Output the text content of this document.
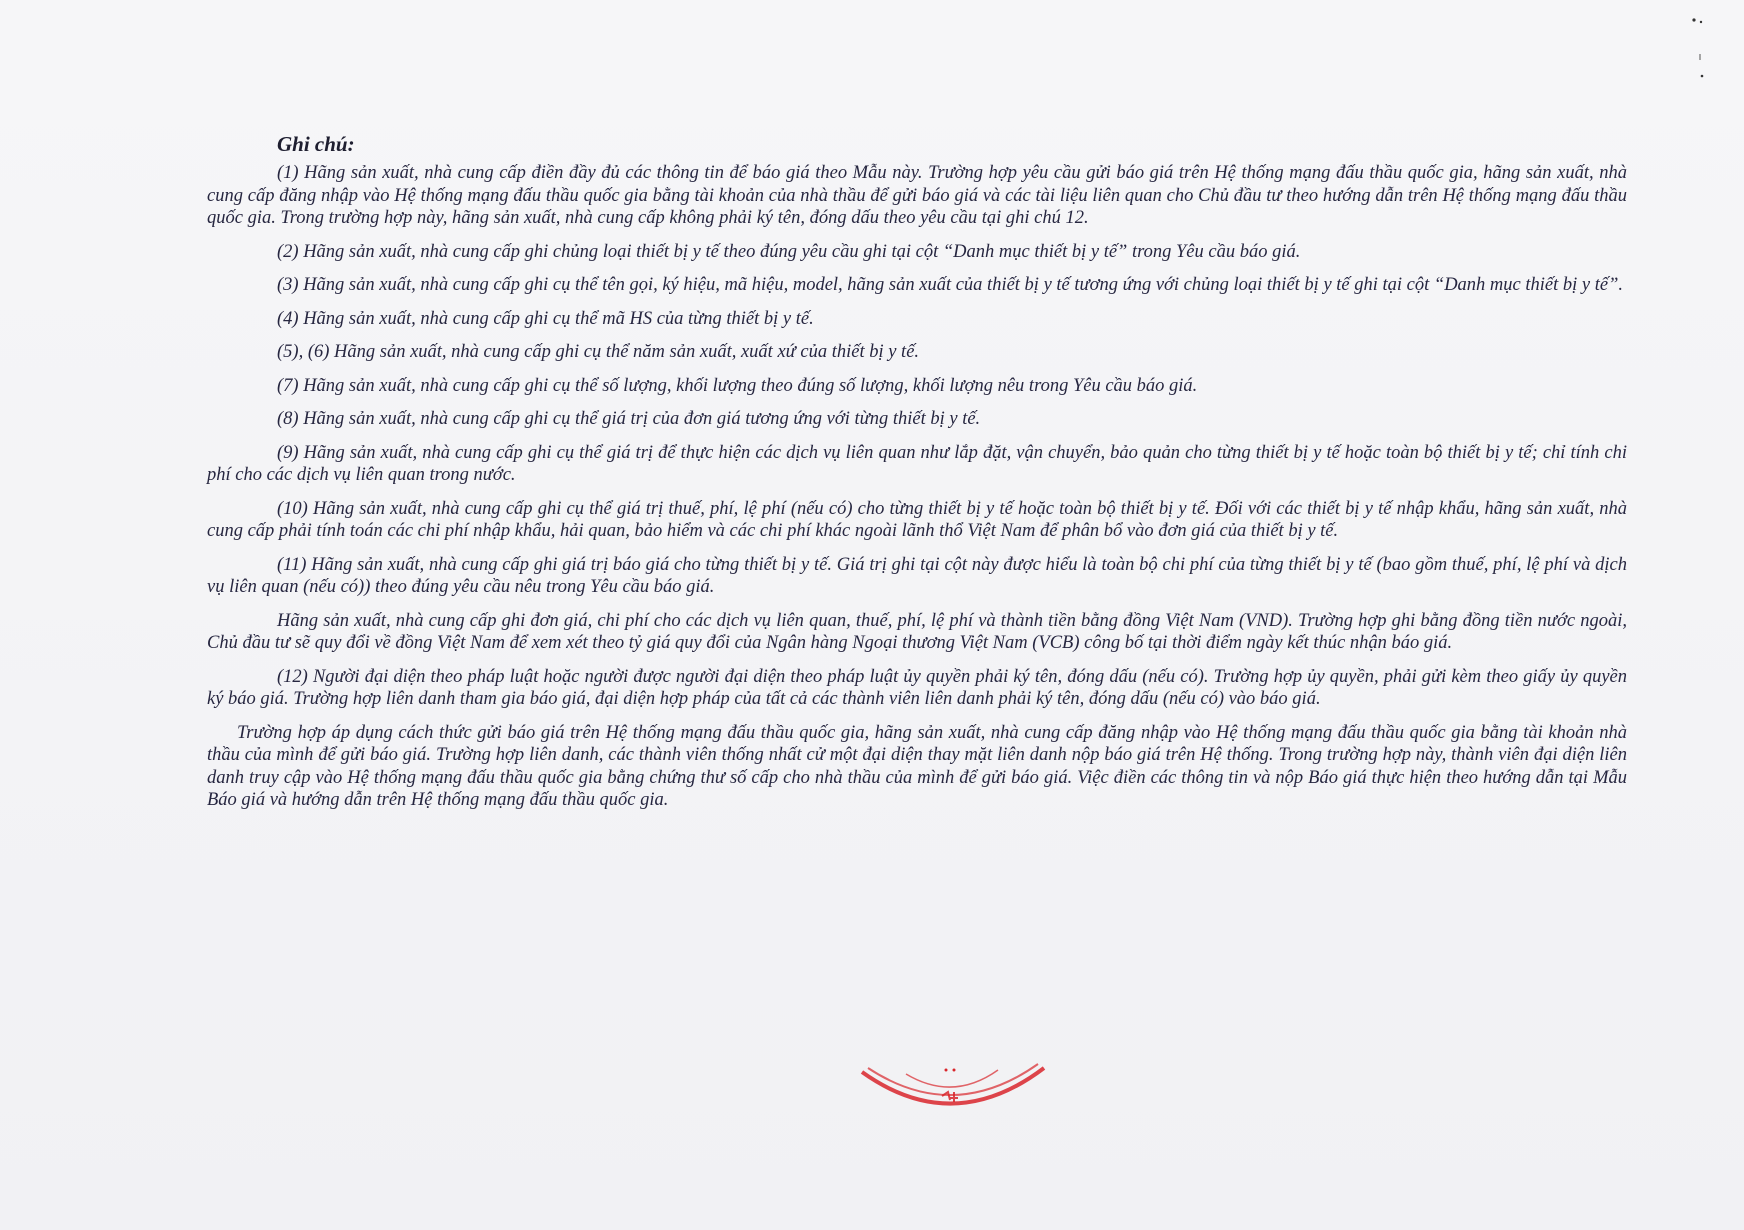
Ghi chú:

(1) Hãng sản xuất, nhà cung cấp điền đầy đủ các thông tin để báo giá theo Mẫu này. Trường hợp yêu cầu gửi báo giá trên Hệ thống mạng đấu thầu quốc gia, hãng sản xuất, nhà cung cấp đăng nhập vào Hệ thống mạng đấu thầu quốc gia bằng tài khoản của nhà thầu để gửi báo giá và các tài liệu liên quan cho Chủ đầu tư theo hướng dẫn trên Hệ thống mạng đấu thầu quốc gia. Trong trường hợp này, hãng sản xuất, nhà cung cấp không phải ký tên, đóng dấu theo yêu cầu tại ghi chú 12.

(2) Hãng sản xuất, nhà cung cấp ghi chủng loại thiết bị y tế theo đúng yêu cầu ghi tại cột “Danh mục thiết bị y tế” trong Yêu cầu báo giá.

(3) Hãng sản xuất, nhà cung cấp ghi cụ thể tên gọi, ký hiệu, mã hiệu, model, hãng sản xuất của thiết bị y tế tương ứng với chủng loại thiết bị y tế ghi tại cột “Danh mục thiết bị y tế”.

(4) Hãng sản xuất, nhà cung cấp ghi cụ thể mã HS của từng thiết bị y tế.

(5), (6) Hãng sản xuất, nhà cung cấp ghi cụ thể năm sản xuất, xuất xứ của thiết bị y tế.

(7) Hãng sản xuất, nhà cung cấp ghi cụ thể số lượng, khối lượng theo đúng số lượng, khối lượng nêu trong Yêu cầu báo giá.

(8) Hãng sản xuất, nhà cung cấp ghi cụ thể giá trị của đơn giá tương ứng với từng thiết bị y tế.

(9) Hãng sản xuất, nhà cung cấp ghi cụ thể giá trị để thực hiện các dịch vụ liên quan như lắp đặt, vận chuyển, bảo quản cho từng thiết bị y tế hoặc toàn bộ thiết bị y tế; chỉ tính chi phí cho các dịch vụ liên quan trong nước.

(10) Hãng sản xuất, nhà cung cấp ghi cụ thể giá trị thuế, phí, lệ phí (nếu có) cho từng thiết bị y tế hoặc toàn bộ thiết bị y tế. Đối với các thiết bị y tế nhập khẩu, hãng sản xuất, nhà cung cấp phải tính toán các chi phí nhập khẩu, hải quan, bảo hiểm và các chi phí khác ngoài lãnh thổ Việt Nam để phân bổ vào đơn giá của thiết bị y tế.

(11) Hãng sản xuất, nhà cung cấp ghi giá trị báo giá cho từng thiết bị y tế. Giá trị ghi tại cột này được hiểu là toàn bộ chi phí của từng thiết bị y tế (bao gồm thuế, phí, lệ phí và dịch vụ liên quan (nếu có)) theo đúng yêu cầu nêu trong Yêu cầu báo giá.

Hãng sản xuất, nhà cung cấp ghi đơn giá, chi phí cho các dịch vụ liên quan, thuế, phí, lệ phí và thành tiền bằng đồng Việt Nam (VND). Trường hợp ghi bằng đồng tiền nước ngoài, Chủ đầu tư sẽ quy đổi về đồng Việt Nam để xem xét theo tỷ giá quy đổi của Ngân hàng Ngoại thương Việt Nam (VCB) công bố tại thời điểm ngày kết thúc nhận báo giá.

(12) Người đại diện theo pháp luật hoặc người được người đại diện theo pháp luật ủy quyền phải ký tên, đóng dấu (nếu có). Trường hợp ủy quyền, phải gửi kèm theo giấy ủy quyền ký báo giá. Trường hợp liên danh tham gia báo giá, đại diện hợp pháp của tất cả các thành viên liên danh phải ký tên, đóng dấu (nếu có) vào báo giá.

Trường hợp áp dụng cách thức gửi báo giá trên Hệ thống mạng đấu thầu quốc gia, hãng sản xuất, nhà cung cấp đăng nhập vào Hệ thống mạng đấu thầu quốc gia bằng tài khoản nhà thầu của mình để gửi báo giá. Trường hợp liên danh, các thành viên thống nhất cử một đại diện thay mặt liên danh nộp báo giá trên Hệ thống. Trong trường hợp này, thành viên đại diện liên danh truy cập vào Hệ thống mạng đấu thầu quốc gia bằng chứng thư số cấp cho nhà thầu của mình để gửi báo giá. Việc điền các thông tin và nộp Báo giá thực hiện theo hướng dẫn tại Mẫu Báo giá và hướng dẫn trên Hệ thống mạng đấu thầu quốc gia.
